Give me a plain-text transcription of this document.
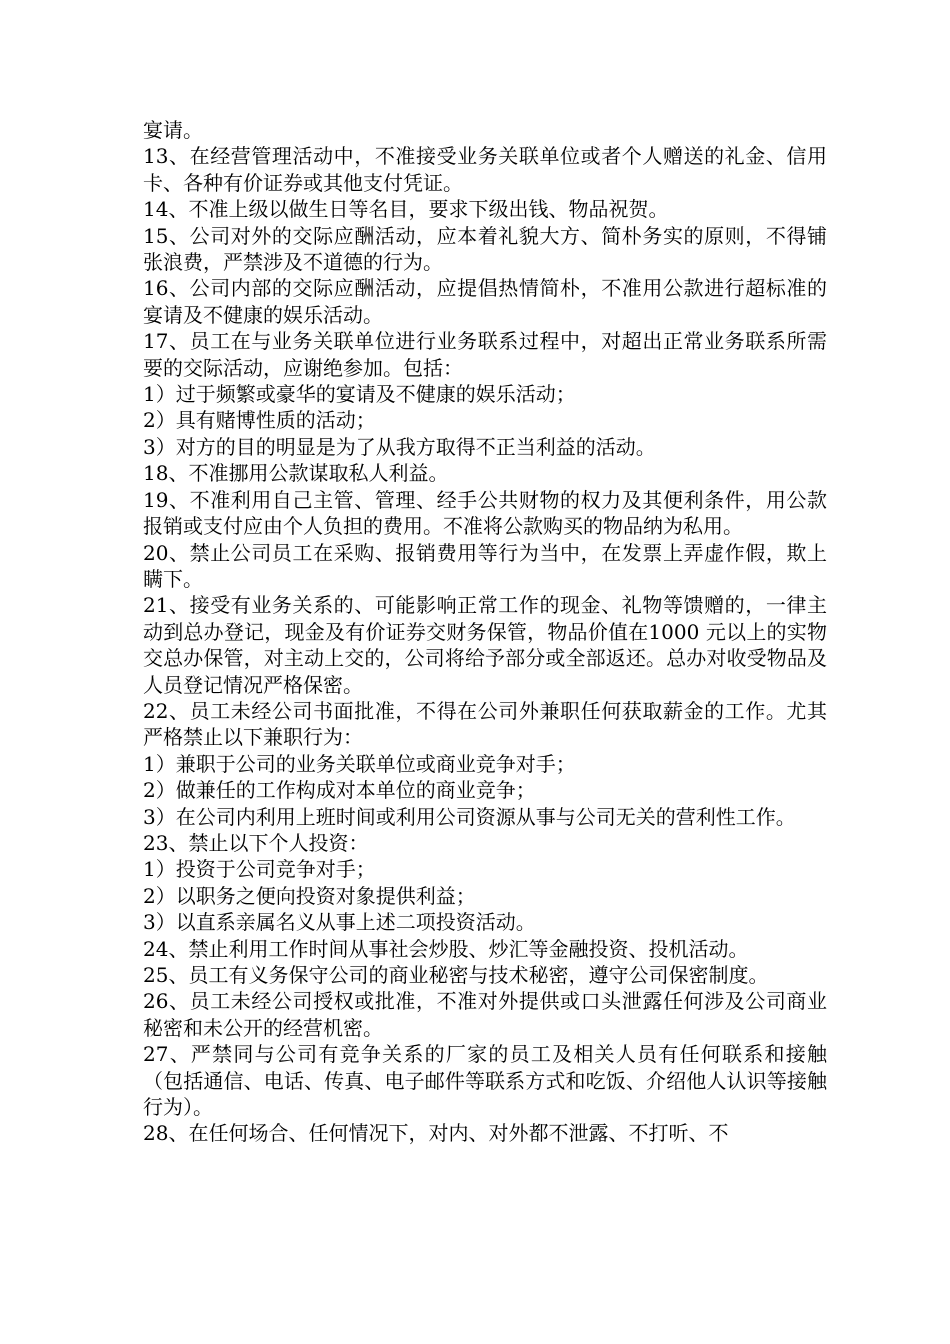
宴请。

13、在经营管理活动中，不准接受业务关联单位或者个人赠送的礼金、信用卡、各种有价证券或其他支付凭证。

14、不准上级以做生日等名目，要求下级出钱、物品祝贺。

15、公司对外的交际应酬活动，应本着礼貌大方、简朴务实的原则，不得铺张浪费，严禁涉及不道德的行为。

16、公司内部的交际应酬活动，应提倡热情简朴，不准用公款进行超标准的宴请及不健康的娱乐活动。

17、员工在与业务关联单位进行业务联系过程中，对超出正常业务联系所需要的交际活动，应谢绝参加。包括：

1）过于频繁或豪华的宴请及不健康的娱乐活动；

2）具有赌博性质的活动；

3）对方的目的明显是为了从我方取得不正当利益的活动。

18、不准挪用公款谋取私人利益。

19、不准利用自己主管、管理、经手公共财物的权力及其便利条件，用公款报销或支付应由个人负担的费用。不准将公款购买的物品纳为私用。

20、禁止公司员工在采购、报销费用等行为当中，在发票上弄虚作假，欺上瞒下。

21、接受有业务关系的、可能影响正常工作的现金、礼物等馈赠的，一律主动到总办登记，现金及有价证券交财务保管，物品价值在1000 元以上的实物交总办保管，对主动上交的，公司将给予部分或全部返还。总办对收受物品及人员登记情况严格保密。

22、员工未经公司书面批准，不得在公司外兼职任何获取薪金的工作。尤其严格禁止以下兼职行为：

1）兼职于公司的业务关联单位或商业竞争对手；

2）做兼任的工作构成对本单位的商业竞争；

3）在公司内利用上班时间或利用公司资源从事与公司无关的营利性工作。

23、禁止以下个人投资：

1）投资于公司竞争对手；

2）以职务之便向投资对象提供利益；

3）以直系亲属名义从事上述二项投资活动。

24、禁止利用工作时间从事社会炒股、炒汇等金融投资、投机活动。

25、员工有义务保守公司的商业秘密与技术秘密，遵守公司保密制度。

26、员工未经公司授权或批准，不准对外提供或口头泄露任何涉及公司商业秘密和未公开的经营机密。

27、严禁同与公司有竞争关系的厂家的员工及相关人员有任何联系和接触（包括通信、电话、传真、电子邮件等联系方式和吃饭、介绍他人认识等接触行为）。

28、在任何场合、任何情况下，对内、对外都不泄露、不打听、不
